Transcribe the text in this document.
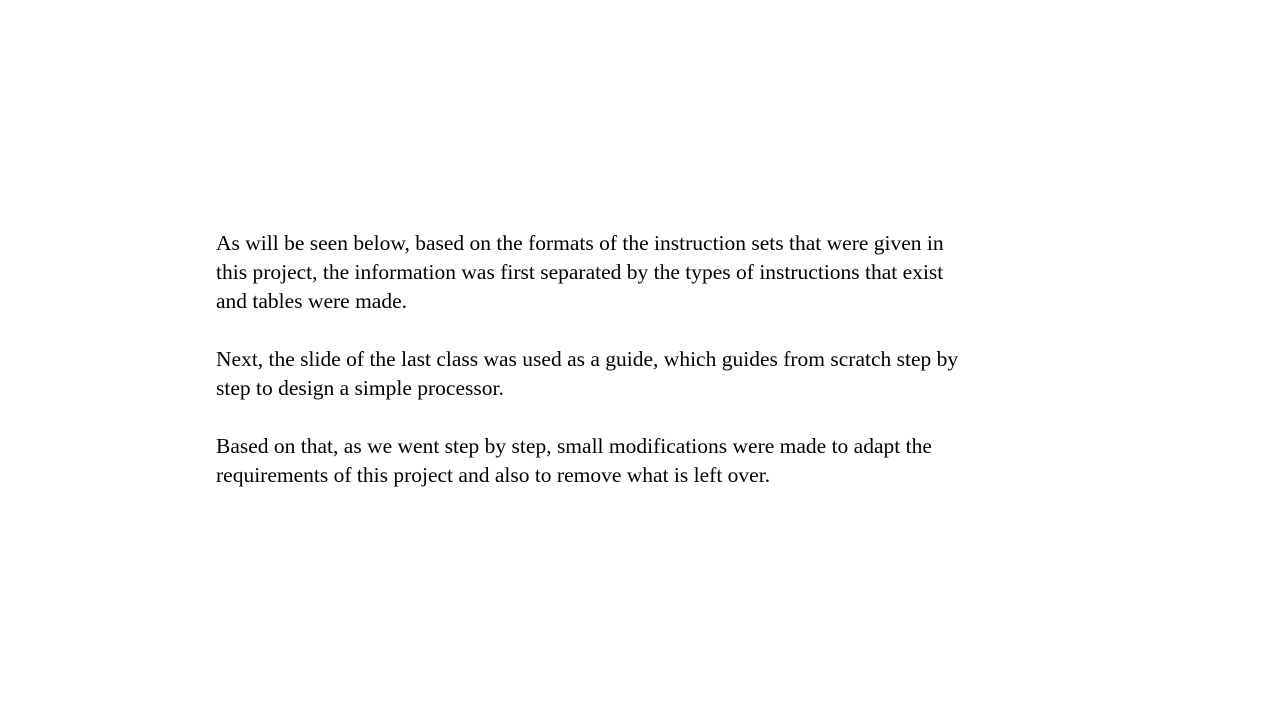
As will be seen below, based on the formats of the instruction sets that were given in
this project, the information was first separated by the types of instructions that exist
and tables were made.

Next, the slide of the last class was used as a guide, which guides from scratch step by
step to design a simple processor.

Based on that, as we went step by step, small modifications were made to adapt the
requirements of this project and also to remove what is left over.
